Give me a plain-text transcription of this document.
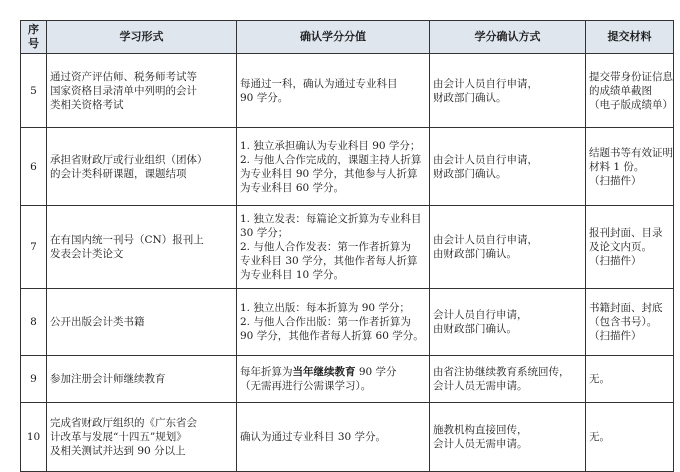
序号	学习形式	确认学分分值	学分确认方式	提交材料
5	通过资产评估师、税务师考试等
国家资格目录清单中列明的会计
类相关资格考试	每通过一科，确认为通过专业科目
90 学分。	由会计人员自行申请，
财政部门确认。	提交带身份证信息
的成绩单截图
（电子版成绩单）

6	承担省财政厅或行业组织（团体）
的会计类科研课题，课题结项	1. 独立承担确认为专业科目 90 学分；
2. 与他人合作完成的，课题主持人折算
为专业科目 90 学分，其他参与人折算
为专业科目 60 学分。	由会计人员自行申请，
财政部门确认。	结题书等有效证明
材料 1 份。
（扫描件）

7	在有国内统一刊号（CN）报刊上
发表会计类论文	1. 独立发表：每篇论文折算为专业科目
30 学分；
2. 与他人合作发表：第一作者折算为
专业科目 30 学分，其他作者每人折算
为专业科目 10 学分。	由会计人员自行申请，
由财政部门确认。	报刊封面、目录
及论文内页。
（扫描件）

8	公开出版会计类书籍	1. 独立出版：每本折算为 90 学分；
2. 与他人合作出版：第一作者折算为
90 学分，其他作者每人折算 60 学分。	会计人员自行申请，
由财政部门确认。	书籍封面、封底
（包含书号）。
（扫描件）

9	参加注册会计师继续教育	每年折算为当年继续教育 90 学分
（无需再进行公需课学习）。	由省注协继续教育系统回传，
会计人员无需申请。	无。

10	完成省财政厅组织的《广东省会
计改革与发展“十四五”规划》
及相关测试并达到 90 分以上	确认为通过专业科目 30 学分。	施教机构直接回传，
会计人员无需申请。	无。
